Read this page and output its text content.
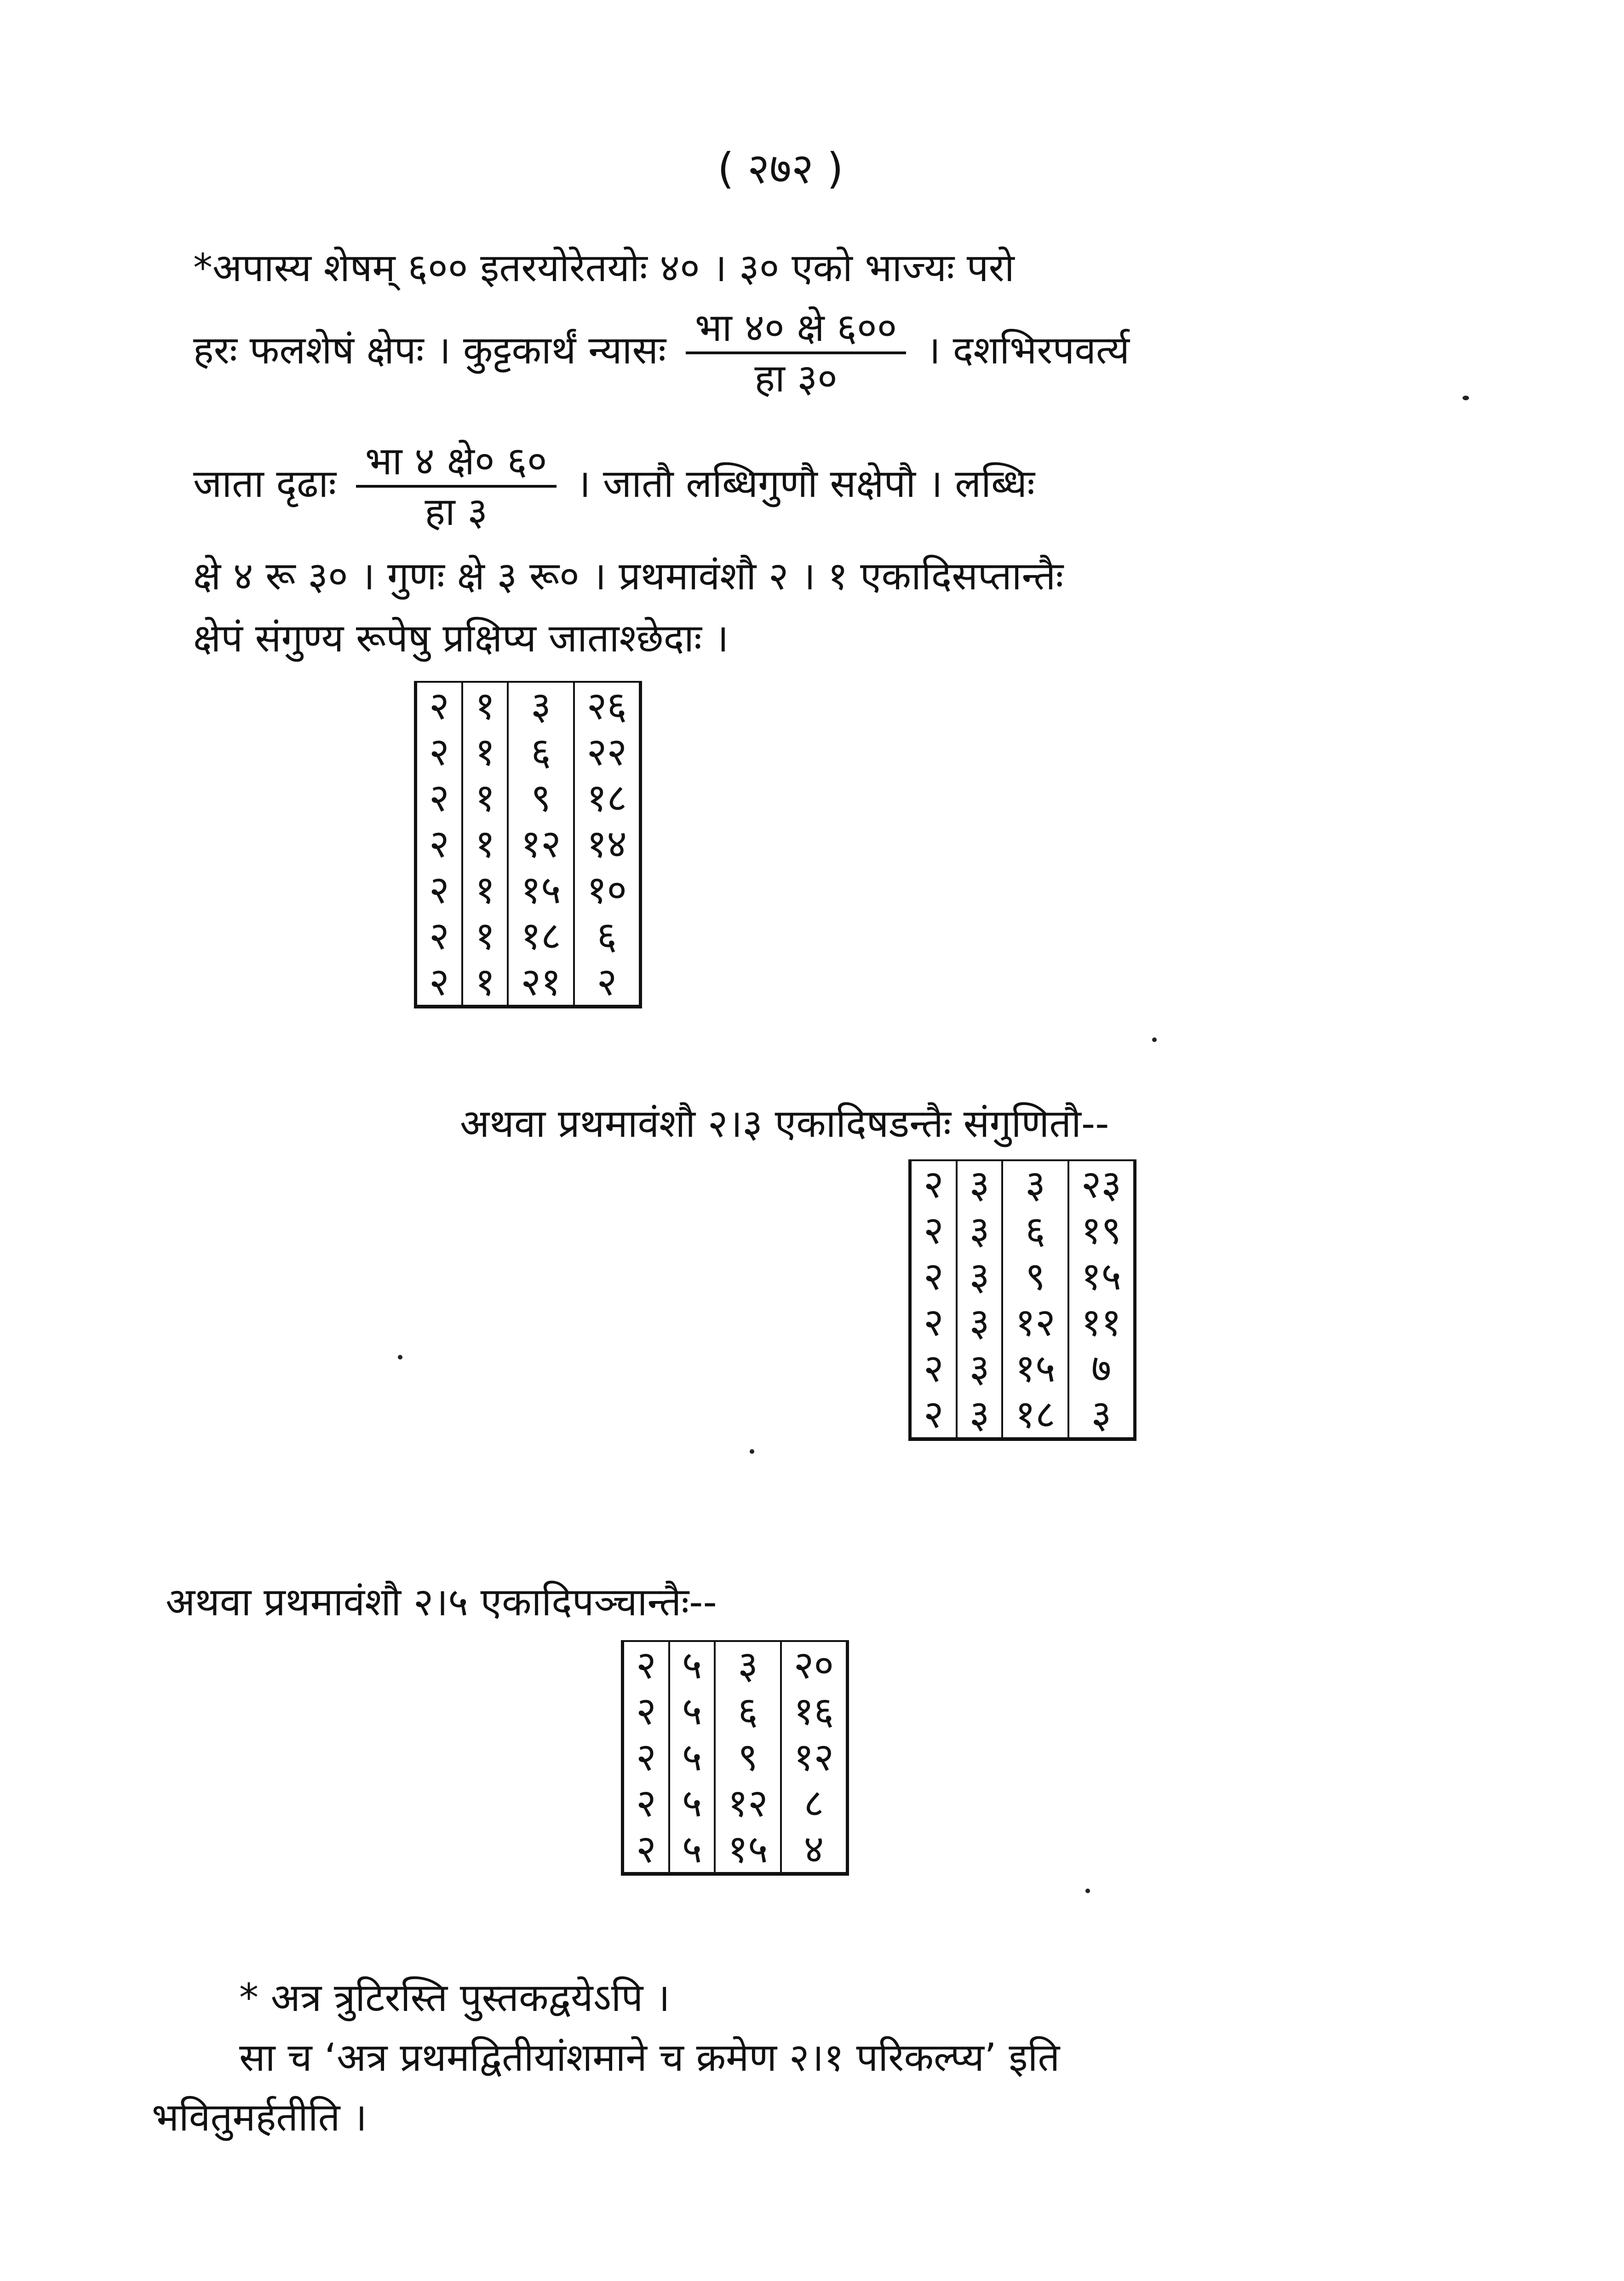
( २७२ )
*अपास्य शेषम् ६०० इतरयोरेतयोः ४० । ३० एको भाज्यः परो
हरः फलशेषं क्षेपः । कुट्टकार्थं न्यासः $\frac{\text{भा ४० क्षे ६००}}{\text{हा ३०}}$ । दशभिरपवर्त्य
जाता दृढाः $\frac{\text{भा ४ क्षे० ६०}}{\text{हा ३}}$ । जातौ लब्धिगुणौ सक्षेपौ । लब्धिः
क्षे ४ रू ३० । गुणः क्षे ३ रू० । प्रथमावंशौ २ । १ एकादिसप्तान्तैः
क्षेपं संगुण्य रूपेषु प्रक्षिप्य जाताश्छेदाः ।
२	१	३	२६
२	१	६	२२
२	१	९	१८
२	१	१२	१४
२	१	१५	१०
२	१	१८	६
२	१	२१	२
अथवा प्रथमावंशौ २।३ एकादिषडन्तैः संगुणितौ--
२	३	३	२३
२	३	६	१९
२	३	९	१५
२	३	१२	११
२	३	१५	७
२	३	१८	३
अथवा प्रथमावंशौ २।५ एकादिपञ्चान्तैः--
२	५	३	२०
२	५	६	१६
२	५	९	१२
२	५	१२	८
२	५	१५	४
* अत्र त्रुटिरस्ति पुस्तकद्वयेऽपि ।
सा च ‘अत्र प्रथमद्वितीयांशमाने च क्रमेण २।१ परिकल्प्य’ इति
भवितुमर्हतीति ।
